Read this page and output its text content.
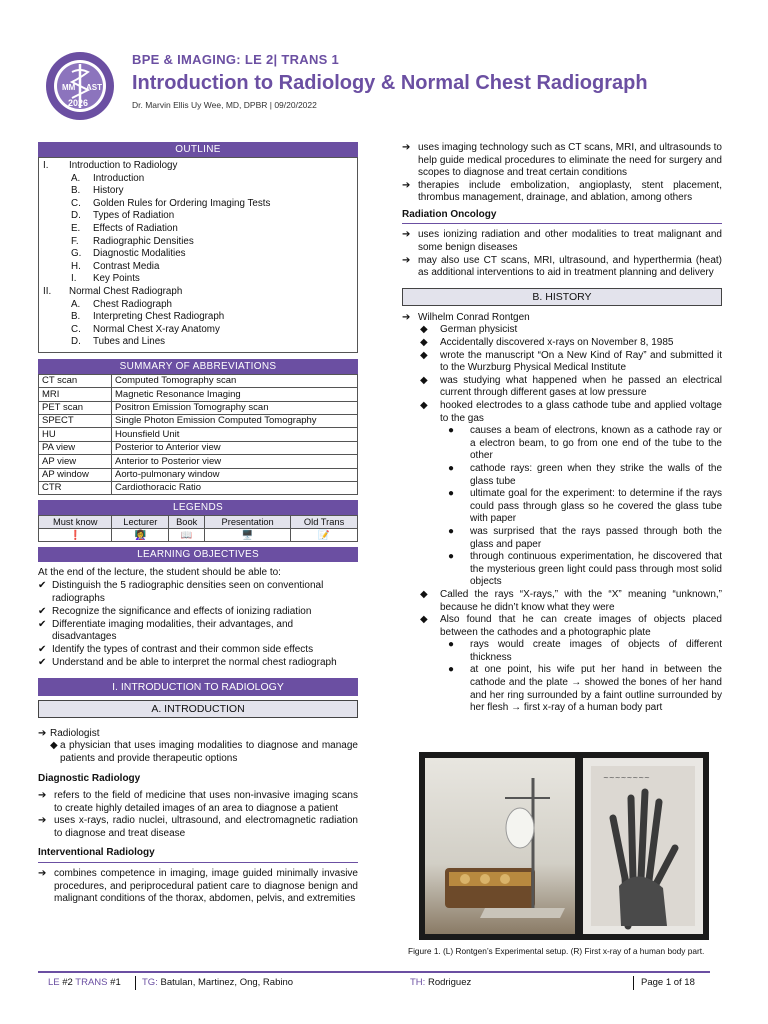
MM AST
2026
BPE & IMAGING: LE 2| TRANS 1
Introduction to Radiology & Normal Chest Radiograph
Dr. Marvin Ellis Uy Wee, MD, DPBR | 09/20/2022
OUTLINE
I.	Introduction to Radiology
A.	Introduction
B.	History
C.	Golden Rules for Ordering Imaging Tests
D.	Types of Radiation
E.	Effects of Radiation
F.	Radiographic Densities
G.	Diagnostic Modalities
H.	Contrast Media
I.	Key Points
II.	Normal Chest Radiograph
A.	Chest Radiograph
B.	Interpreting Chest Radiograph
C.	Normal Chest X-ray Anatomy
D.	Tubes and Lines
SUMMARY OF ABBREVIATIONS
CT scan	Computed Tomography scan
MRI	Magnetic Resonance Imaging
PET scan	Positron Emission Tomography scan
SPECT	Single Photon Emission Computed Tomography
HU	Hounsfield Unit
PA view	Posterior to Anterior view
AP view	Anterior to Posterior view
AP window	Aorto-pulmonary window
CTR	Cardiothoracic Ratio
LEGENDS
Must know	Lecturer	Book	Presentation	Old Trans
❗	👩‍🏫	📖	🖥️	📝
LEARNING OBJECTIVES
At the end of the lecture, the student should be able to:
✔ Distinguish the 5 radiographic densities seen on conventional radiographs
✔ Recognize the significance and effects of ionizing radiation
✔ Differentiate imaging modalities, their advantages, and disadvantages
✔ Identify the types of contrast and their common side effects
✔ Understand and be able to interpret the normal chest radiograph
I. INTRODUCTION TO RADIOLOGY
A. INTRODUCTION
➔ Radiologist
◆ a physician that uses imaging modalities to diagnose and manage patients and provide therapeutic options
Diagnostic Radiology
➔ refers to the field of medicine that uses non-invasive imaging scans to create highly detailed images of an area to diagnose a patient
➔ uses x-rays, radio nuclei, ultrasound, and electromagnetic radiation to diagnose and treat disease
Interventional Radiology
➔ combines competence in imaging, image guided minimally invasive procedures, and periprocedural patient care to diagnose benign and malignant conditions of the thorax, abdomen, pelvis, and extremities
➔ uses imaging technology such as CT scans, MRI, and ultrasounds to help guide medical procedures to eliminate the need for surgery and scopes to diagnose and treat certain conditions
➔ therapies include embolization, angioplasty, stent placement, thrombus management, drainage, and ablation, among others
Radiation Oncology
➔ uses ionizing radiation and other modalities to treat malignant and some benign diseases
➔ may also use CT scans, MRI, ultrasound, and hyperthermia (heat) as additional interventions to aid in treatment planning and delivery
B. HISTORY
➔ Wilhelm Conrad Rontgen
◆	German physicist
◆	Accidentally discovered x-rays on November 8, 1985
◆	wrote the manuscript “On a New Kind of Ray” and submitted it to the Wurzburg Physical Medical Institute
◆	was studying what happened when he passed an electrical current through different gases at low pressure
◆	hooked electrodes to a glass cathode tube and applied voltage to the gas
●	causes a beam of electrons, known as a cathode ray or a electron beam, to go from one end of the tube to the other
●	cathode rays: green when they strike the walls of the glass tube
●	ultimate goal for the experiment: to determine if the rays could pass through glass so he covered the glass tube with paper
●	was surprised that the rays passed through both the glass and paper
●	through continuous experimentation, he discovered that the mysterious green light could pass through most solid objects
◆	Called the rays “X-rays,” with the “X” meaning “unknown,” because he didn’t know what they were
◆	Also found that he can create images of objects placed between the cathodes and a photographic plate
●	rays would create images of objects of different thickness
●	at one point, his wife put her hand in between the cathode and the plate → showed the bones of her hand and her ring surrounded by a faint outline surrounded by her flesh → first x-ray of a human body part
~~~~~~~~
Figure 1. (L) Rontgen’s Experimental setup. (R) First x-ray of a human body part.
LE #2 TRANS #1 TG: Batulan, Martinez, Ong, Rabino	TH: Rodriguez	Page 1 of 18
